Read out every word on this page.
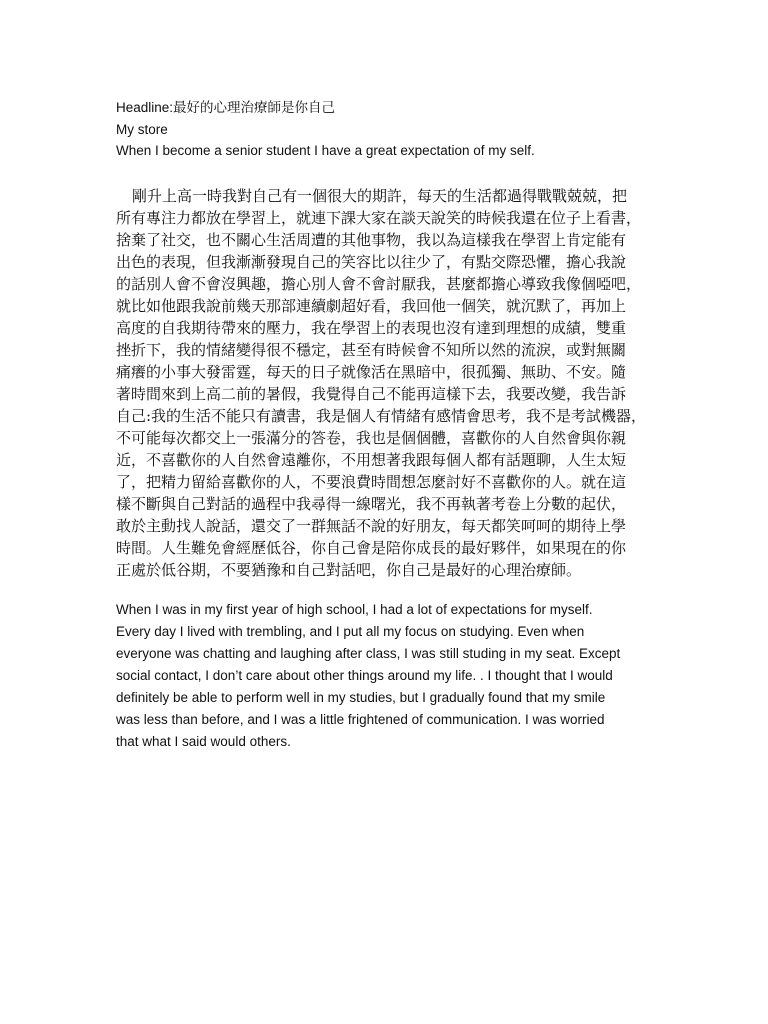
Headline:最好的心理治療師是你自己
My store
When I become a senior student I have a great expectation of my self.
剛升上高一時我對自己有一個很大的期許，每天的生活都過得戰戰兢兢，把
所有專注力都放在學習上，就連下課大家在談天說笑的時候我還在位子上看書，
捨棄了社交，也不關心生活周遭的其他事物，我以為這樣我在學習上肯定能有
出色的表現，但我漸漸發現自己的笑容比以往少了，有點交際恐懼，擔心我說
的話別人會不會沒興趣，擔心別人會不會討厭我，甚麼都擔心導致我像個啞吧，
就比如他跟我說前幾天那部連續劇超好看，我回他一個笑，就沉默了，再加上
高度的自我期待帶來的壓力，我在學習上的表現也沒有達到理想的成績，雙重
挫折下，我的情緒變得很不穩定，甚至有時候會不知所以然的流淚，或對無關
痛癢的小事大發雷霆，每天的日子就像活在黑暗中，很孤獨、無助、不安。隨
著時間來到上高二前的暑假，我覺得自己不能再這樣下去，我要改變，我告訴
自己:我的生活不能只有讀書，我是個人有情緒有感情會思考，我不是考試機器，
不可能每次都交上一張滿分的答卷，我也是個個體，喜歡你的人自然會與你親
近，不喜歡你的人自然會遠離你，不用想著我跟每個人都有話題聊，人生太短
了，把精力留給喜歡你的人，不要浪費時間想怎麼討好不喜歡你的人。就在這
樣不斷與自己對話的過程中我尋得一線曙光，我不再執著考卷上分數的起伏，
敢於主動找人說話，還交了一群無話不說的好朋友，每天都笑呵呵的期待上學
時間。人生難免會經歷低谷，你自己會是陪你成長的最好夥伴，如果現在的你
正處於低谷期，不要猶豫和自己對話吧，你自己是最好的心理治療師。
When I was in my first year of high school, I had a lot of expectations for myself.
Every day I lived with trembling, and I put all my focus on studying. Even when
everyone was chatting and laughing after class, I was still studing in my seat. Except
social contact, I don’t care about other things around my life. . I thought that I would
definitely be able to perform well in my studies, but I gradually found that my smile
was less than before, and I was a little frightened of communication. I was worried
that what I said would others.
